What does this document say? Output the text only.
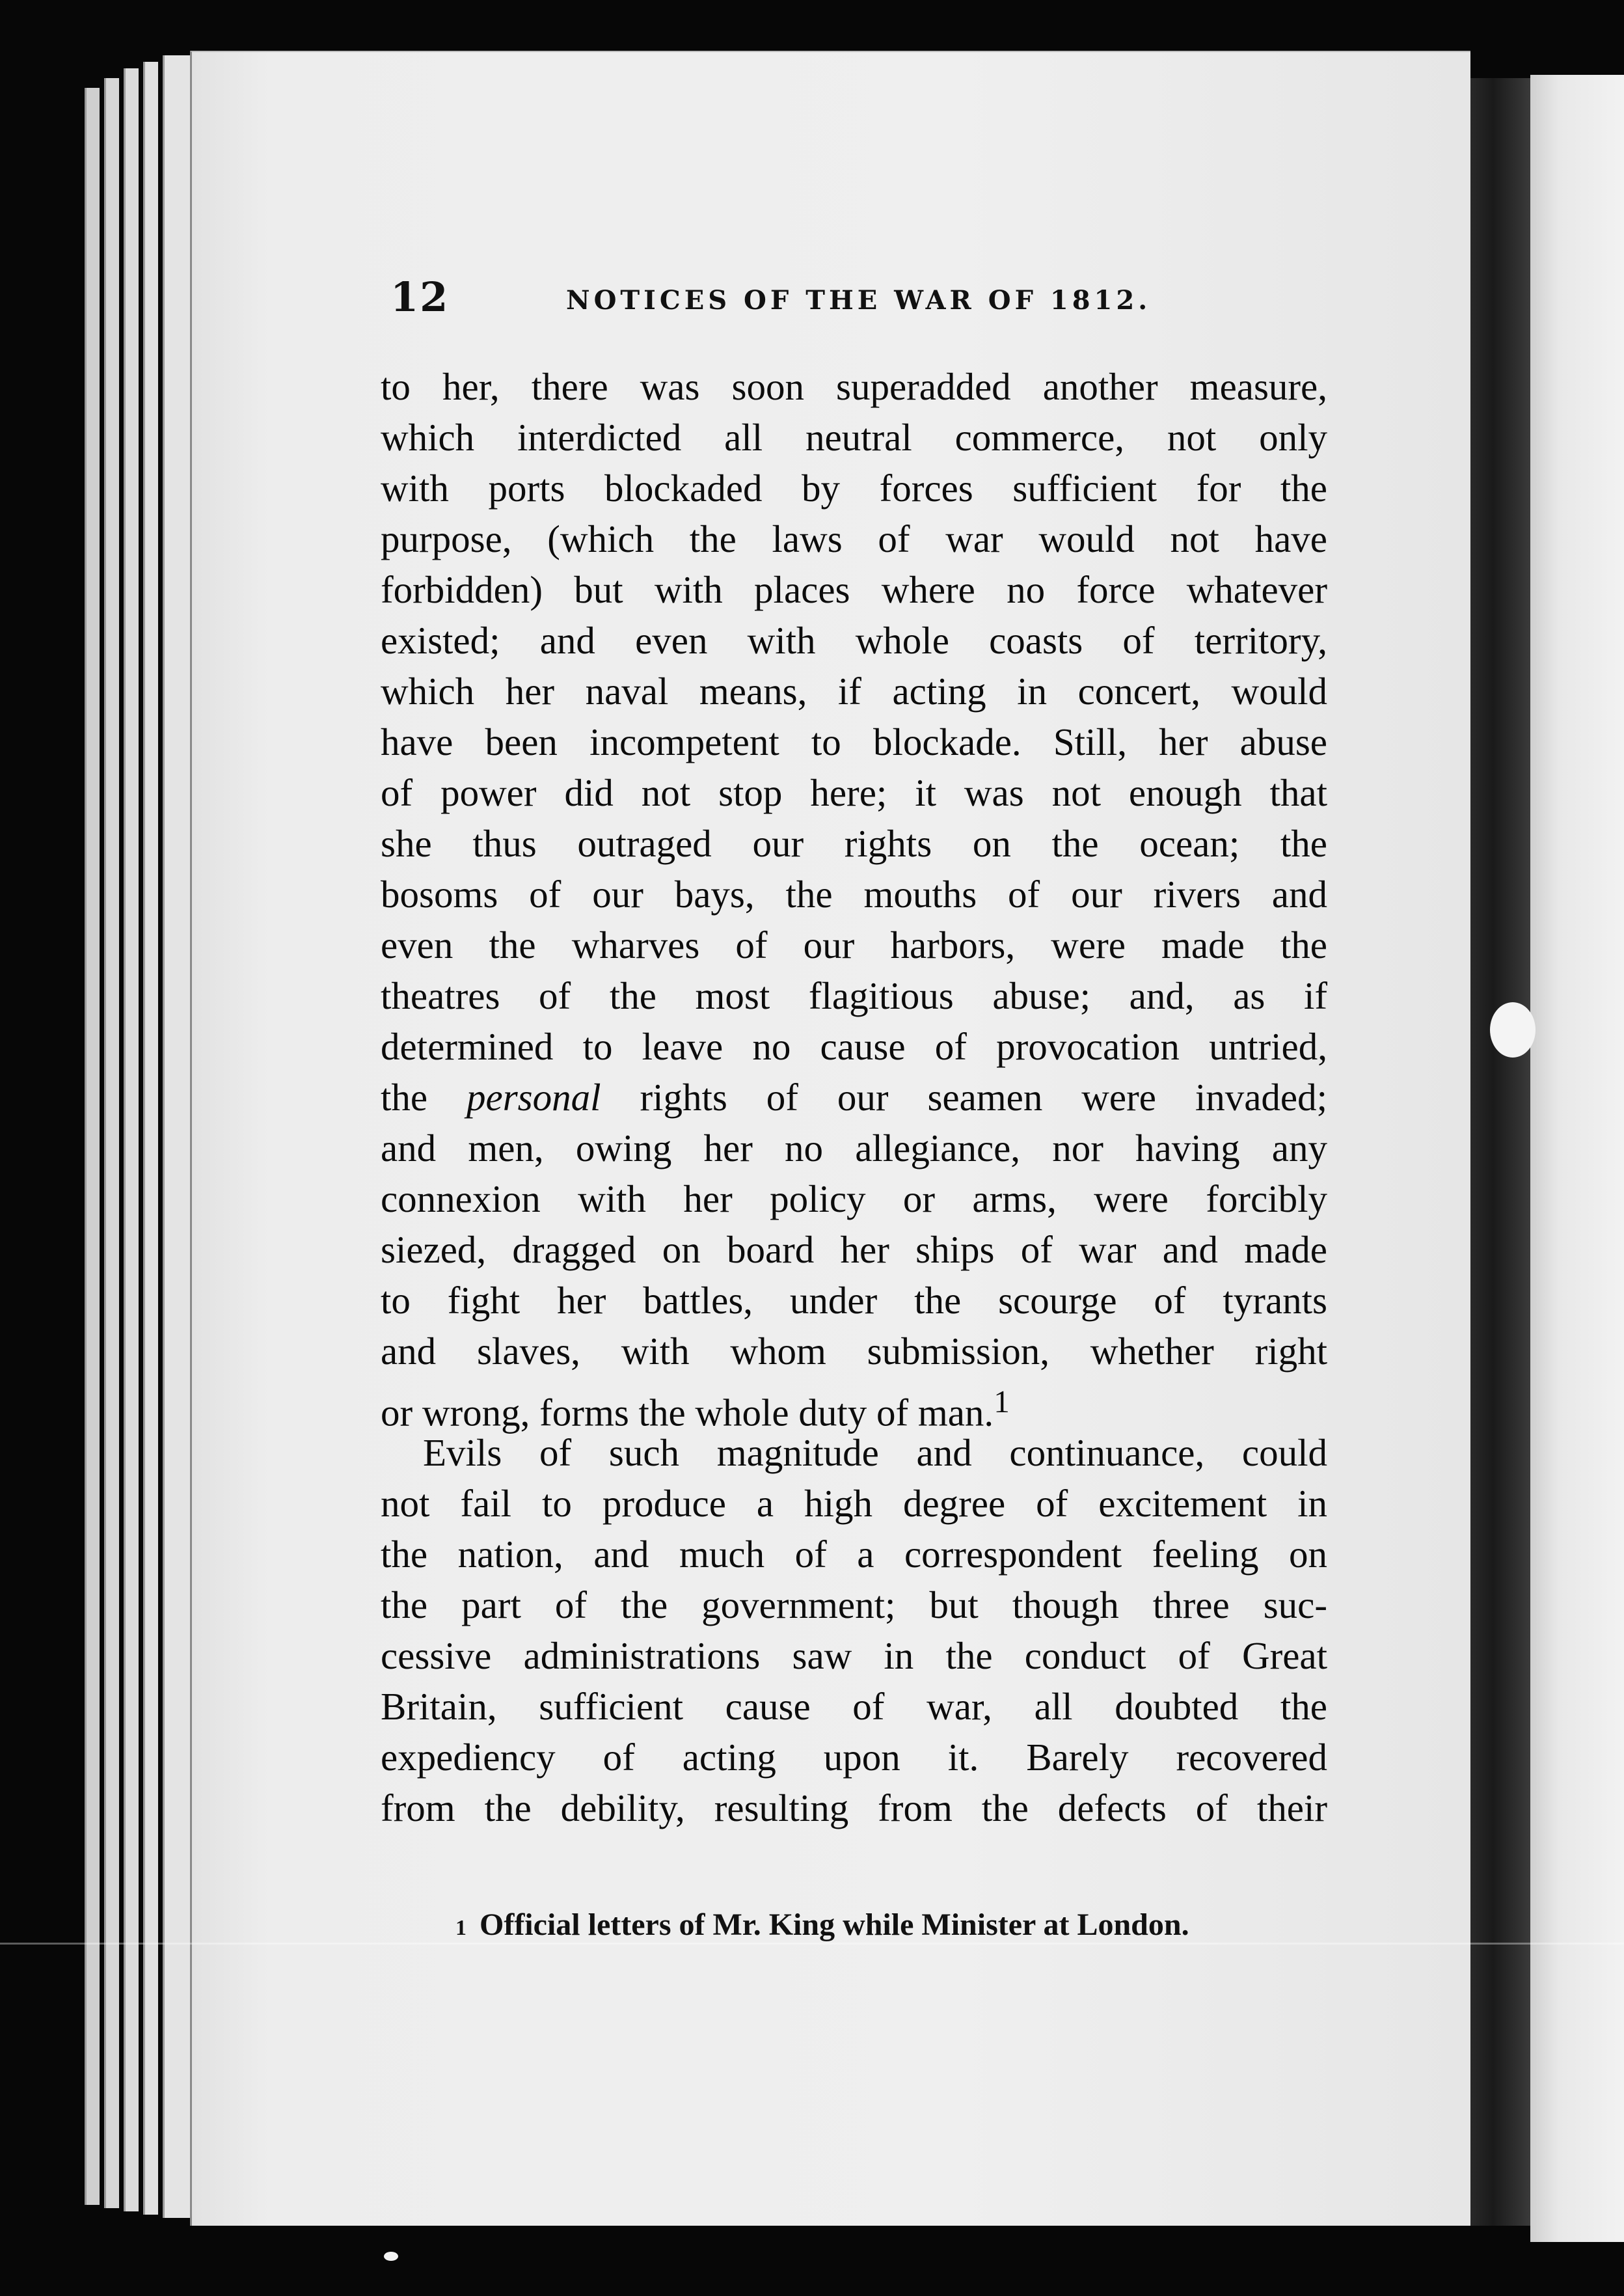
12	NOTICES OF THE WAR OF 1812.
to her, there was soon superadded another measure,
which interdicted all neutral commerce, not only
with ports blockaded by forces sufficient for the
purpose, (which the laws of war would not have
forbidden) but with places where no force whatever
existed; and even with whole coasts of territory,
which her naval means, if acting in concert, would
have been incompetent to blockade. Still, her abuse
of power did not stop here; it was not enough that
she thus outraged our rights on the ocean; the
bosoms of our bays, the mouths of our rivers and
even the wharves of our harbors, were made the
theatres of the most flagitious abuse; and, as if
determined to leave no cause of provocation untried,
the personal rights of our seamen were invaded;
and men, owing her no allegiance, nor having any
connexion with her policy or arms, were forcibly
siezed, dragged on board her ships of war and made
to fight her battles, under the scourge of tyrants
and slaves, with whom submission, whether right
or wrong, forms the whole duty of man.$^1$
Evils of such magnitude and continuance, could
not fail to produce a high degree of excitement in
the nation, and much of a correspondent feeling on
the part of the government; but though three suc-
cessive administrations saw in the conduct of Great
Britain, sufficient cause of war, all doubted the
expediency of acting upon it. Barely recovered
from the debility, resulting from the defects of their
1 Official letters of Mr. King while Minister at London.
